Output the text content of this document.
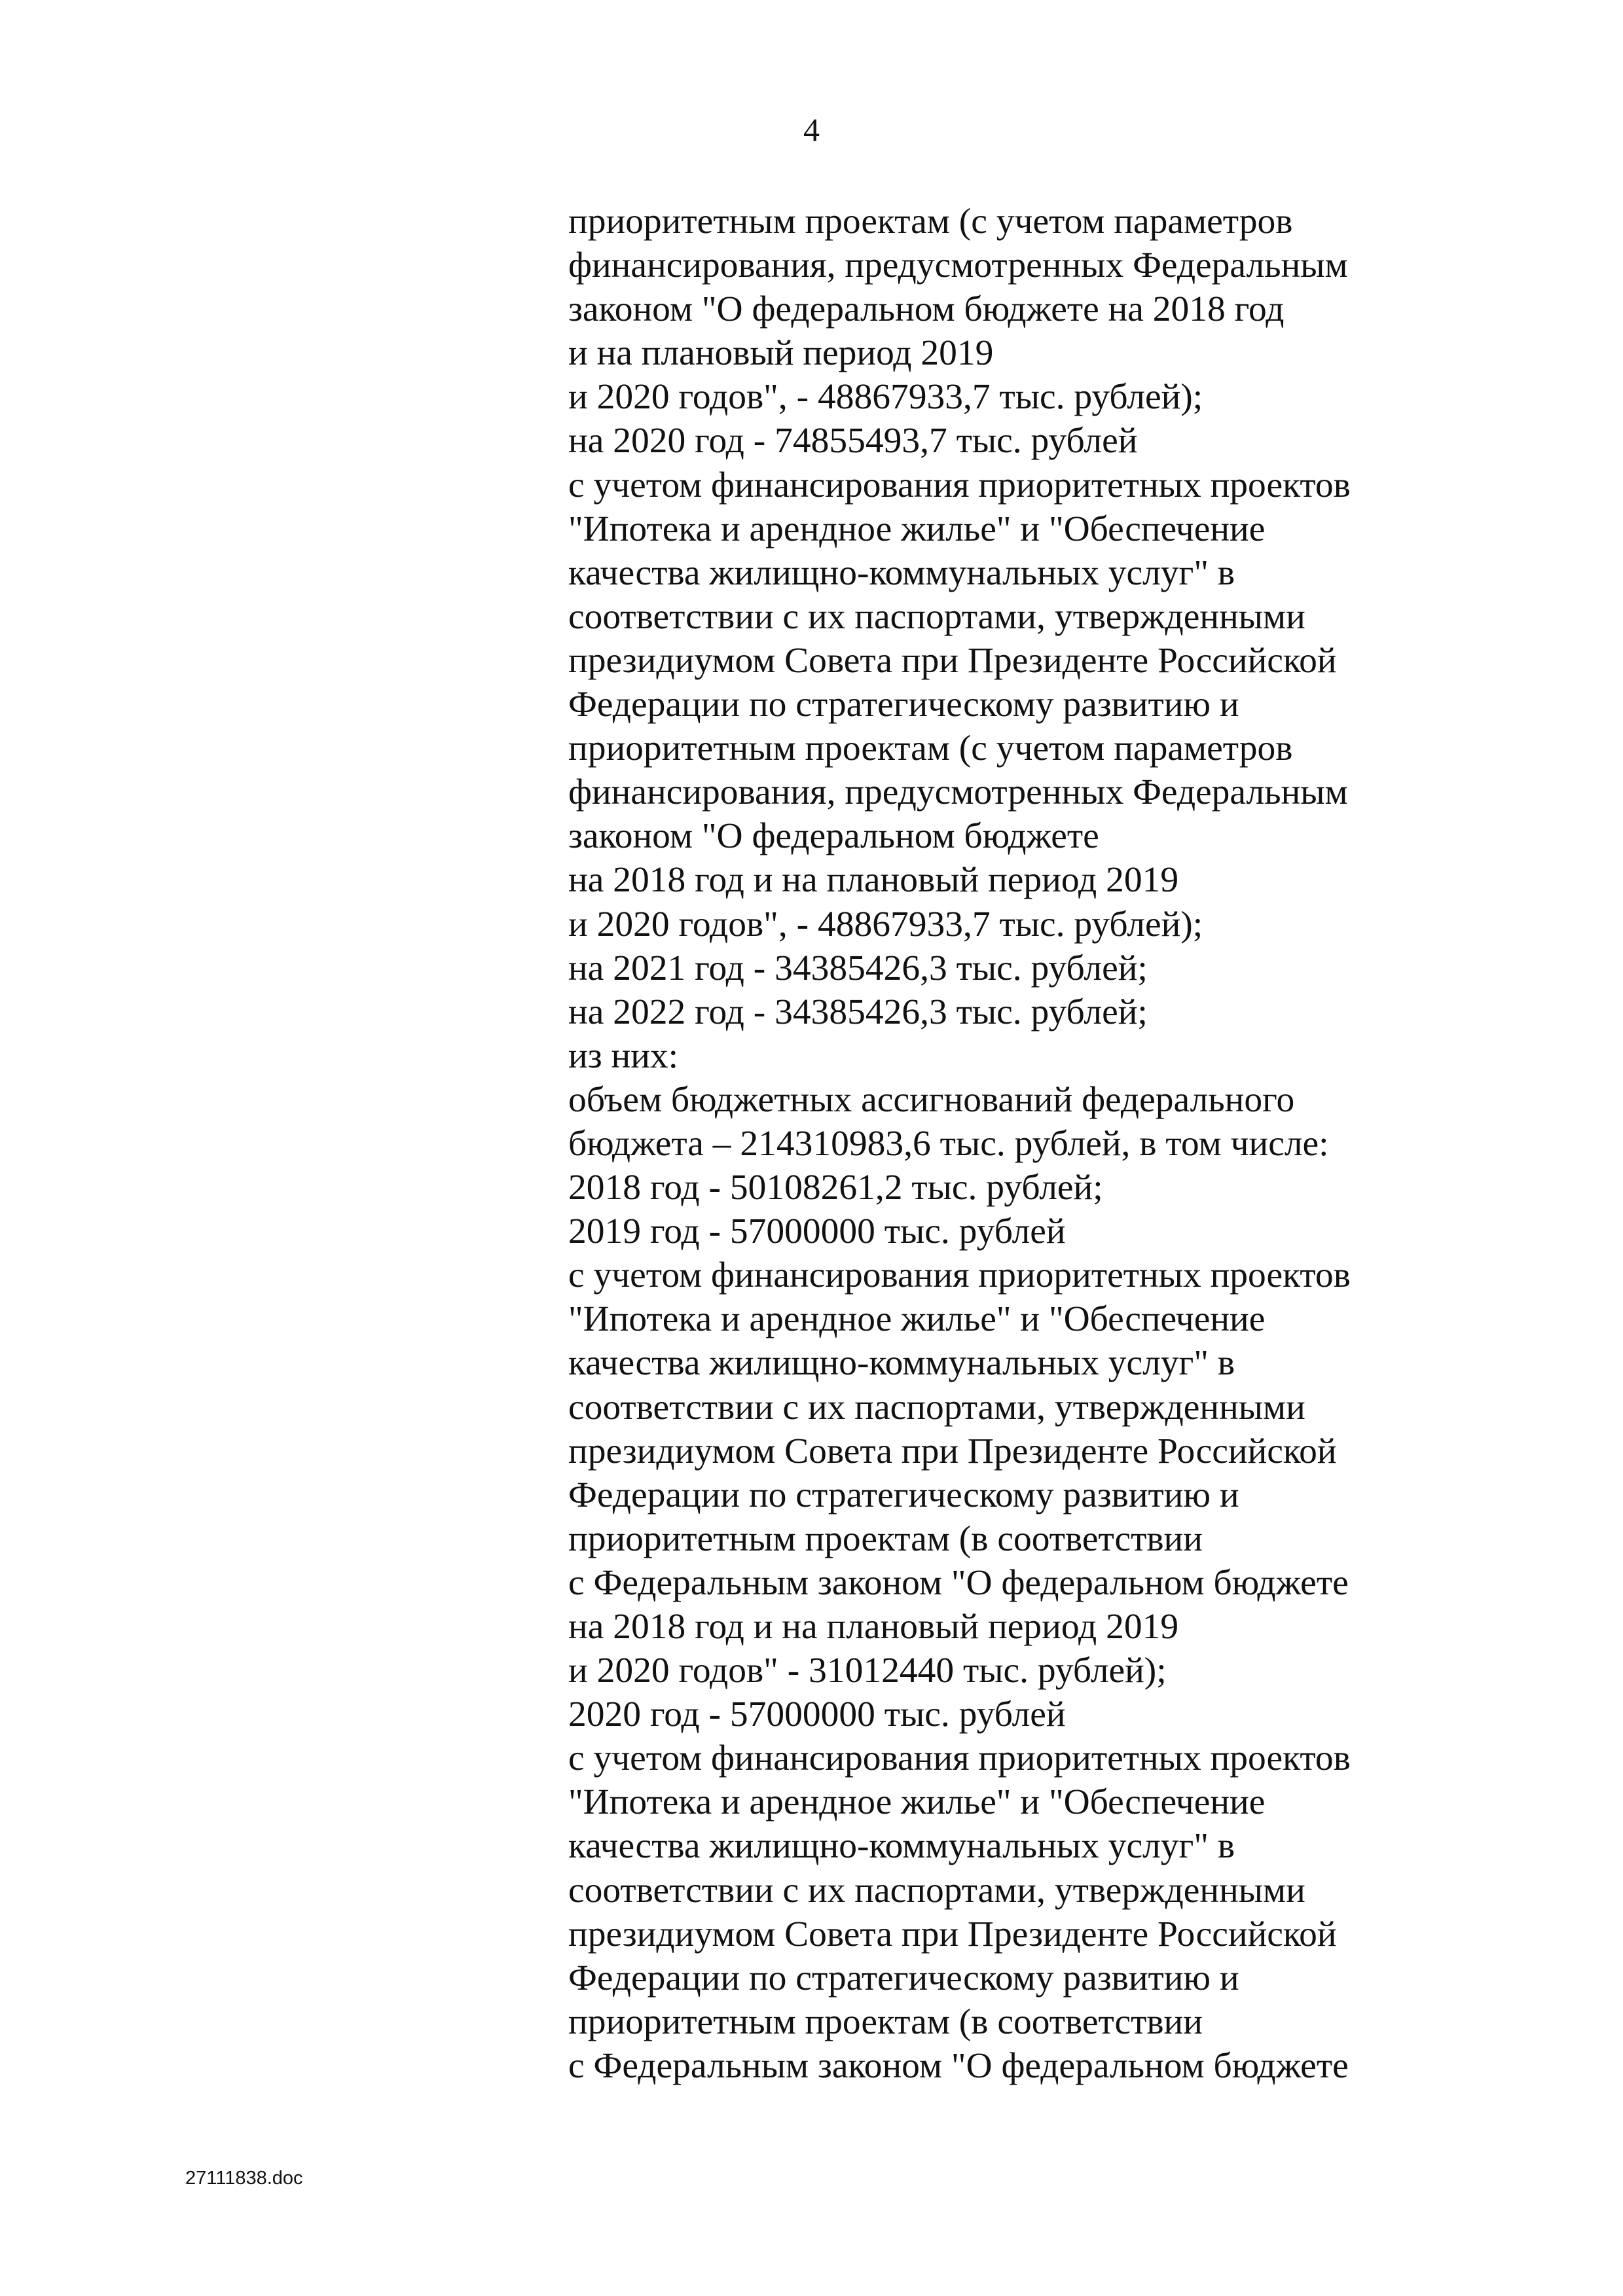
4
приоритетным проектам (с учетом параметров
финансирования, предусмотренных Федеральным
законом "О федеральном бюджете на 2018 год
и на плановый период 2019
и 2020 годов", - 48867933,7 тыс. рублей);
на 2020 год - 74855493,7 тыс. рублей
с учетом финансирования приоритетных проектов
"Ипотека и арендное жилье" и "Обеспечение
качества жилищно-коммунальных услуг" в
соответствии с их паспортами, утвержденными
президиумом Совета при Президенте Российской
Федерации по стратегическому развитию и
приоритетным проектам (с учетом параметров
финансирования, предусмотренных Федеральным
законом "О федеральном бюджете
на 2018 год и на плановый период 2019
и 2020 годов", - 48867933,7 тыс. рублей);
на 2021 год - 34385426,3 тыс. рублей;
на 2022 год - 34385426,3 тыс. рублей;
из них:
объем бюджетных ассигнований федерального
бюджета – 214310983,6 тыс. рублей, в том числе:
2018 год - 50108261,2 тыс. рублей;
2019 год - 57000000 тыс. рублей
с учетом финансирования приоритетных проектов
"Ипотека и арендное жилье" и "Обеспечение
качества жилищно-коммунальных услуг" в
соответствии с их паспортами, утвержденными
президиумом Совета при Президенте Российской
Федерации по стратегическому развитию и
приоритетным проектам (в соответствии
с Федеральным законом "О федеральном бюджете
на 2018 год и на плановый период 2019
и 2020 годов" - 31012440 тыс. рублей);
2020 год - 57000000 тыс. рублей
с учетом финансирования приоритетных проектов
"Ипотека и арендное жилье" и "Обеспечение
качества жилищно-коммунальных услуг" в
соответствии с их паспортами, утвержденными
президиумом Совета при Президенте Российской
Федерации по стратегическому развитию и
приоритетным проектам (в соответствии
с Федеральным законом "О федеральном бюджете
27111838.doc
